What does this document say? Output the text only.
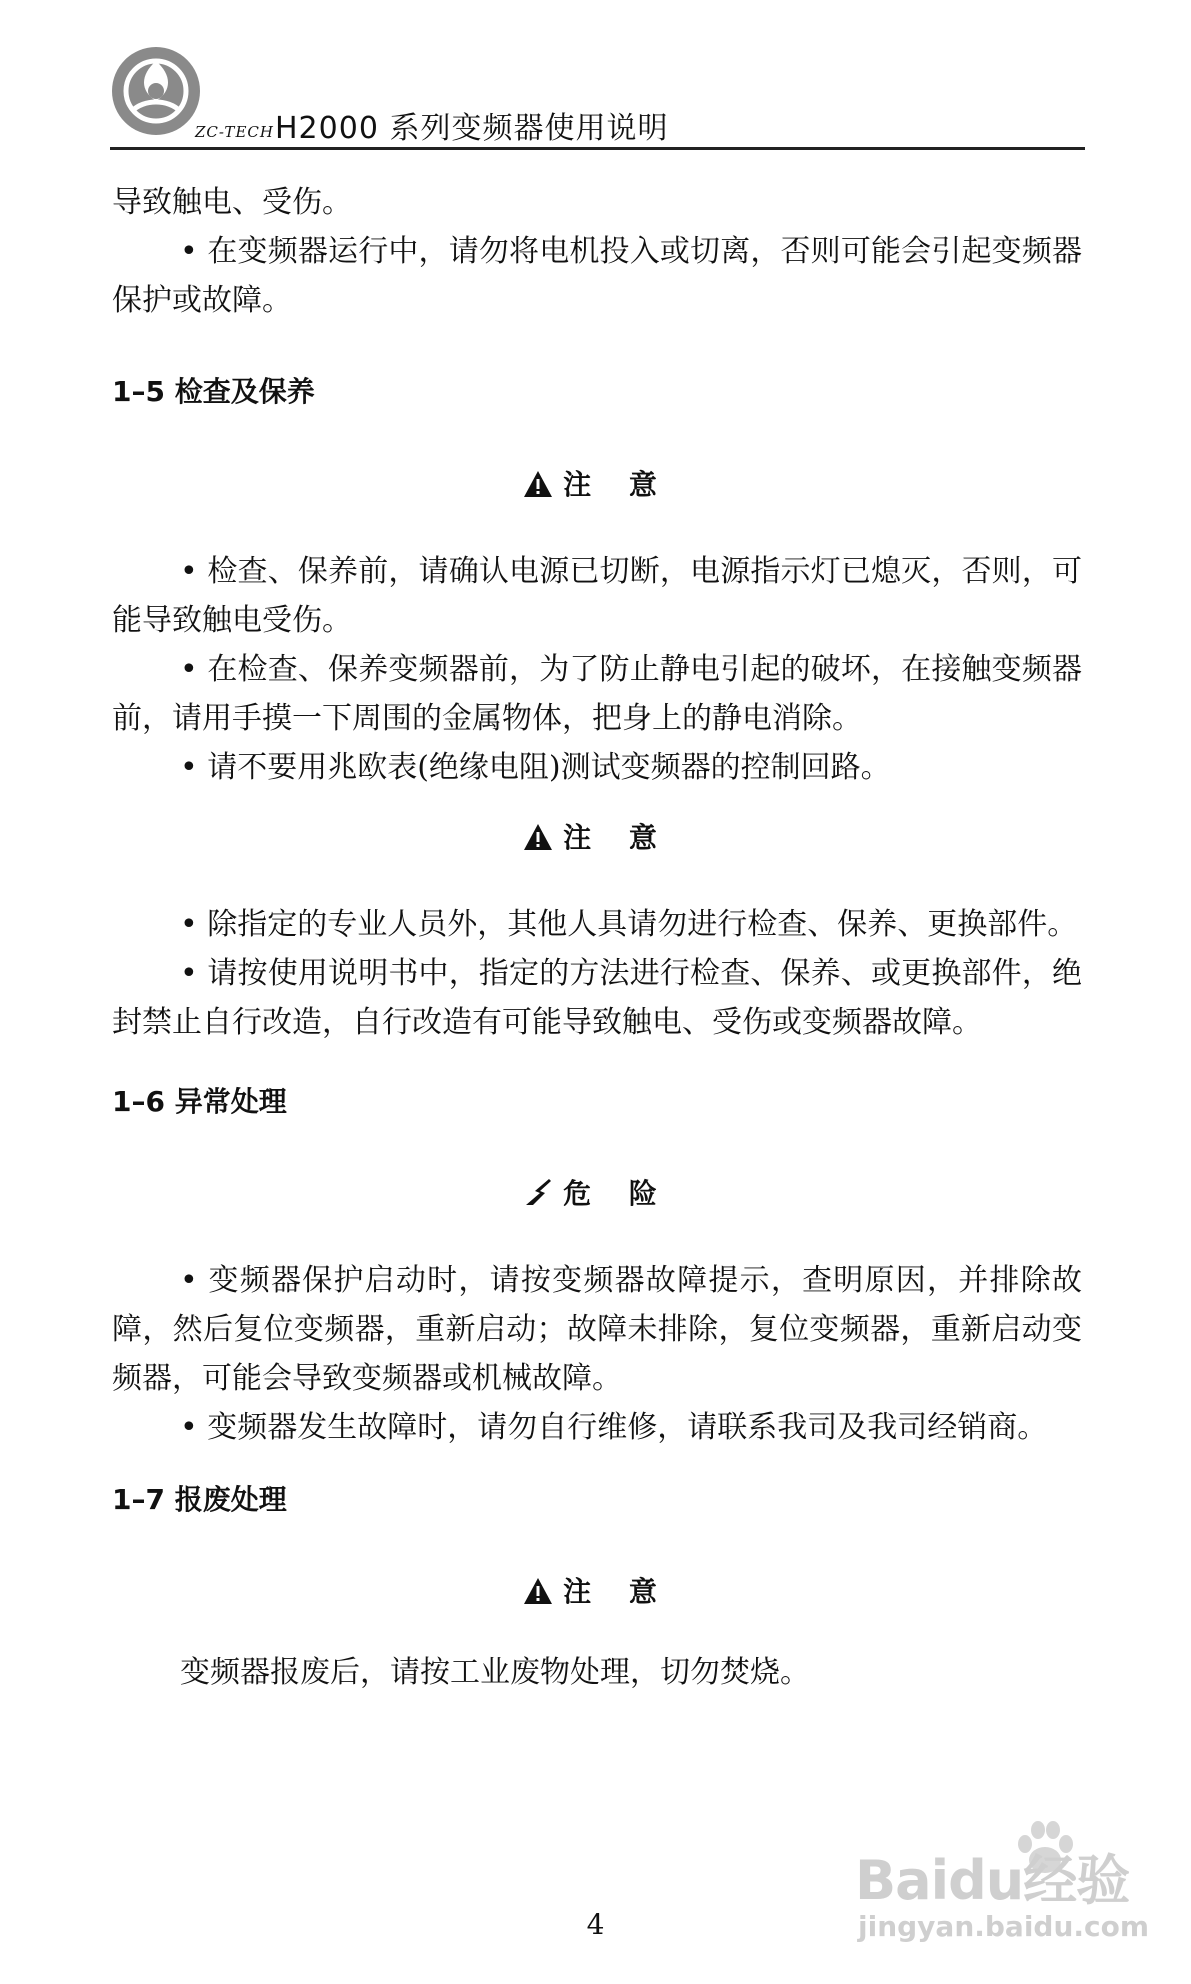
ZC-TECH H2000 系列变频器使用说明

导致触电、受伤。

• 在变频器运行中，请勿将电机投入或切离，否则可能会引起变频器保护或故障。

1–5 检查及保养

注 意

• 检查、保养前，请确认电源已切断，电源指示灯已熄灭，否则，可能导致触电受伤。

• 在检查、保养变频器前，为了防止静电引起的破坏，在接触变频器前，请用手摸一下周围的金属物体，把身上的静电消除。

• 请不要用兆欧表(绝缘电阻)测试变频器的控制回路。

注 意

• 除指定的专业人员外，其他人具请勿进行检查、保养、更换部件。

• 请按使用说明书中，指定的方法进行检查、保养、或更换部件，绝封禁止自行改造，自行改造有可能导致触电、受伤或变频器故障。

1–6 异常处理

危 险

• 变频器保护启动时，请按变频器故障提示，查明原因，并排除故障，然后复位变频器，重新启动；故障未排除，复位变频器，重新启动变频器，可能会导致变频器或机械故障。

• 变频器发生故障时，请勿自行维修，请联系我司及我司经销商。

1–7 报废处理

注 意

变频器报废后，请按工业废物处理，切勿焚烧。

4
Baidu经验
jingyan.baidu.com
